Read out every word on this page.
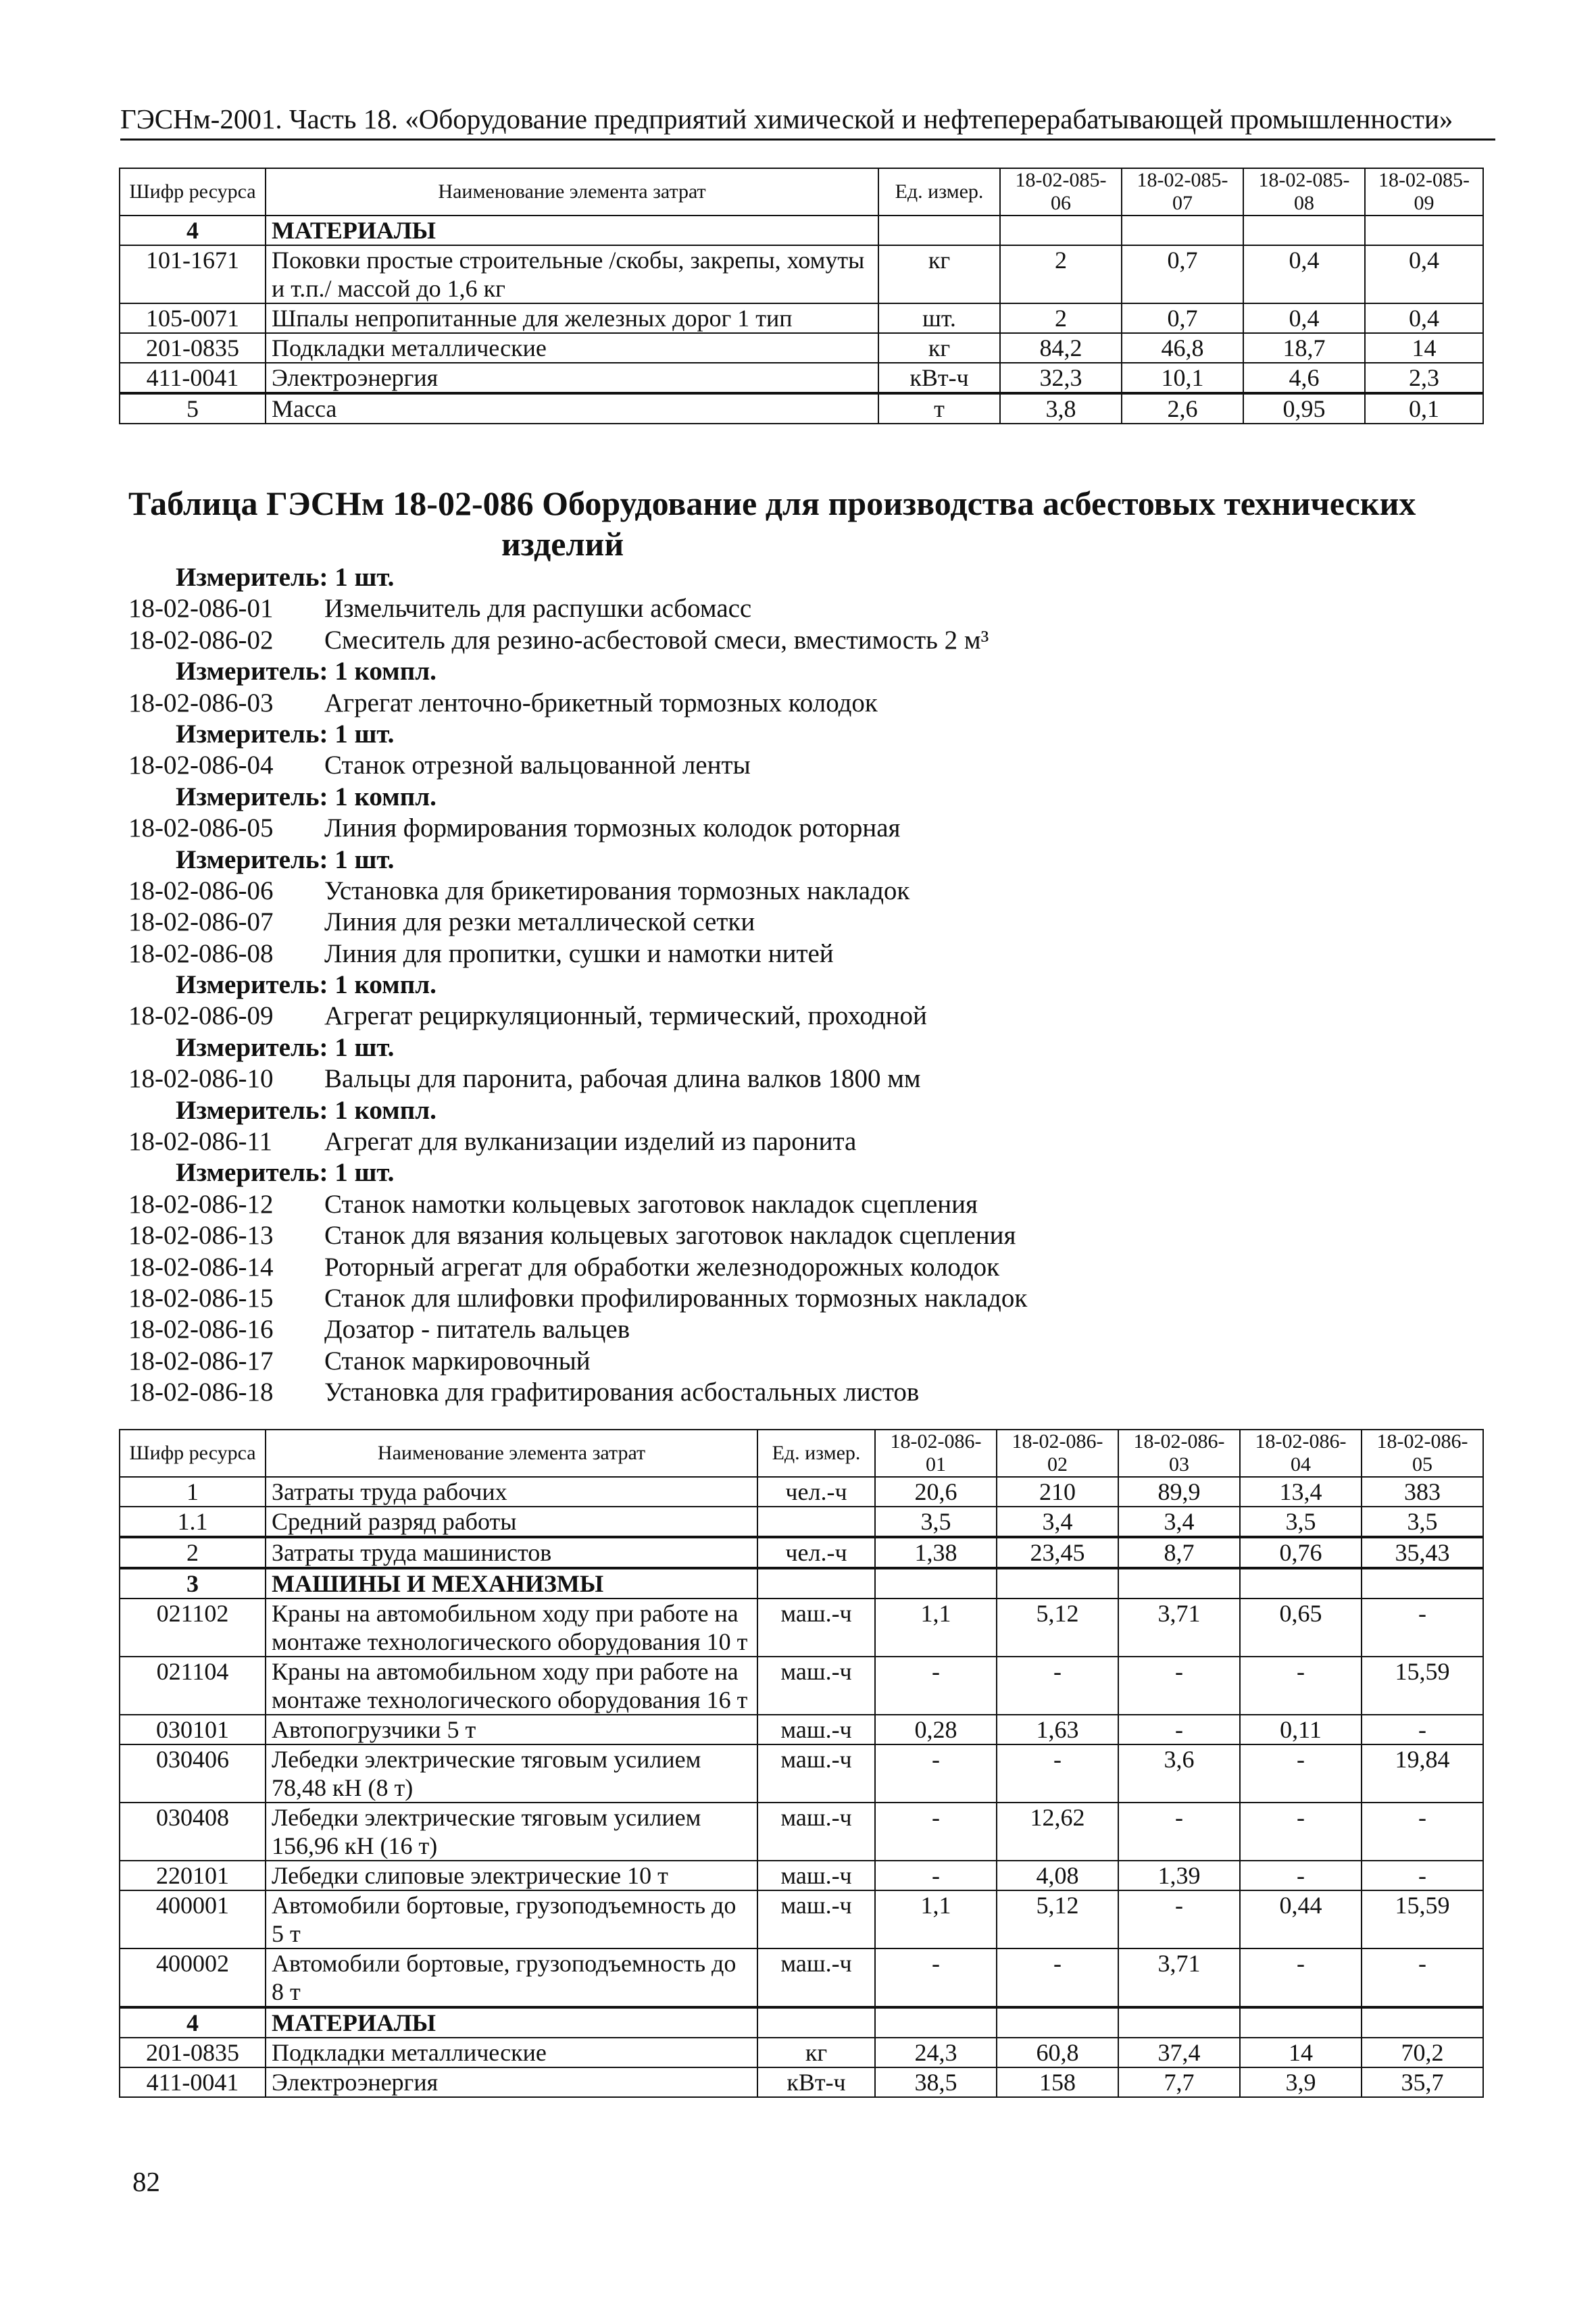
ГЭСНм-2001. Часть 18. «Оборудование предприятий химической и нефтеперерабатывающей промышленности»
Шифр ресурса	Наименование элемента затрат	Ед. измер.	18-02-085-06	18-02-085-07	18-02-085-08	18-02-085-09
4	МАТЕРИАЛЫ					
101-1671	Поковки простые строительные /скобы, закрепы, хомуты и т.п./ массой до 1,6 кг	кг	2	0,7	0,4	0,4
105-0071	Шпалы непропитанные для железных дорог 1 тип	шт.	2	0,7	0,4	0,4
201-0835	Подкладки металлические	кг	84,2	46,8	18,7	14
411-0041	Электроэнергия	кВт-ч	32,3	10,1	4,6	2,3
5	Масса	т	3,8	2,6	0,95	0,1
Таблица ГЭСНм 18-02-086 Оборудование для производства асбестовых технических
изделий
Измеритель: 1 шт.
18-02-086-01 Измельчитель для распушки асбомасс
18-02-086-02 Смеситель для резино-асбестовой смеси, вместимость 2 м³
Измеритель: 1 компл.
18-02-086-03 Агрегат ленточно-брикетный тормозных колодок
Измеритель: 1 шт.
18-02-086-04 Станок отрезной вальцованной ленты
Измеритель: 1 компл.
18-02-086-05 Линия формирования тормозных колодок роторная
Измеритель: 1 шт.
18-02-086-06 Установка для брикетирования тормозных накладок
18-02-086-07 Линия для резки металлической сетки
18-02-086-08 Линия для пропитки, сушки и намотки нитей
Измеритель: 1 компл.
18-02-086-09 Агрегат рециркуляционный, термический, проходной
Измеритель: 1 шт.
18-02-086-10 Вальцы для паронита, рабочая длина валков 1800 мм
Измеритель: 1 компл.
18-02-086-11 Агрегат для вулканизации изделий из паронита
Измеритель: 1 шт.
18-02-086-12 Станок намотки кольцевых заготовок накладок сцепления
18-02-086-13 Станок для вязания кольцевых заготовок накладок сцепления
18-02-086-14 Роторный агрегат для обработки железнодорожных колодок
18-02-086-15 Станок для шлифовки профилированных тормозных накладок
18-02-086-16 Дозатор - питатель вальцев
18-02-086-17 Станок маркировочный
18-02-086-18 Установка для графитирования асбостальных листов
Шифр ресурса	Наименование элемента затрат	Ед. измер.	18-02-086-01	18-02-086-02	18-02-086-03	18-02-086-04	18-02-086-05
1	Затраты труда рабочих	чел.-ч	20,6	210	89,9	13,4	383
1.1	Средний разряд работы		3,5	3,4	3,4	3,5	3,5
2	Затраты труда машинистов	чел.-ч	1,38	23,45	8,7	0,76	35,43
3	МАШИНЫ И МЕХАНИЗМЫ						
021102	Краны на автомобильном ходу при работе на монтаже технологического оборудования 10 т	маш.-ч	1,1	5,12	3,71	0,65	-
021104	Краны на автомобильном ходу при работе на монтаже технологического оборудования 16 т	маш.-ч	-	-	-	-	15,59
030101	Автопогрузчики 5 т	маш.-ч	0,28	1,63	-	0,11	-
030406	Лебедки электрические тяговым усилием 78,48 кН (8 т)	маш.-ч	-	-	3,6	-	19,84
030408	Лебедки электрические тяговым усилием 156,96 кН (16 т)	маш.-ч	-	12,62	-	-	-
220101	Лебедки слиповые электрические 10 т	маш.-ч	-	4,08	1,39	-	-
400001	Автомобили бортовые, грузоподъемность до 5 т	маш.-ч	1,1	5,12	-	0,44	15,59
400002	Автомобили бортовые, грузоподъемность до 8 т	маш.-ч	-	-	3,71	-	-
4	МАТЕРИАЛЫ						
201-0835	Подкладки металлические	кг	24,3	60,8	37,4	14	70,2
411-0041	Электроэнергия	кВт-ч	38,5	158	7,7	3,9	35,7
82
